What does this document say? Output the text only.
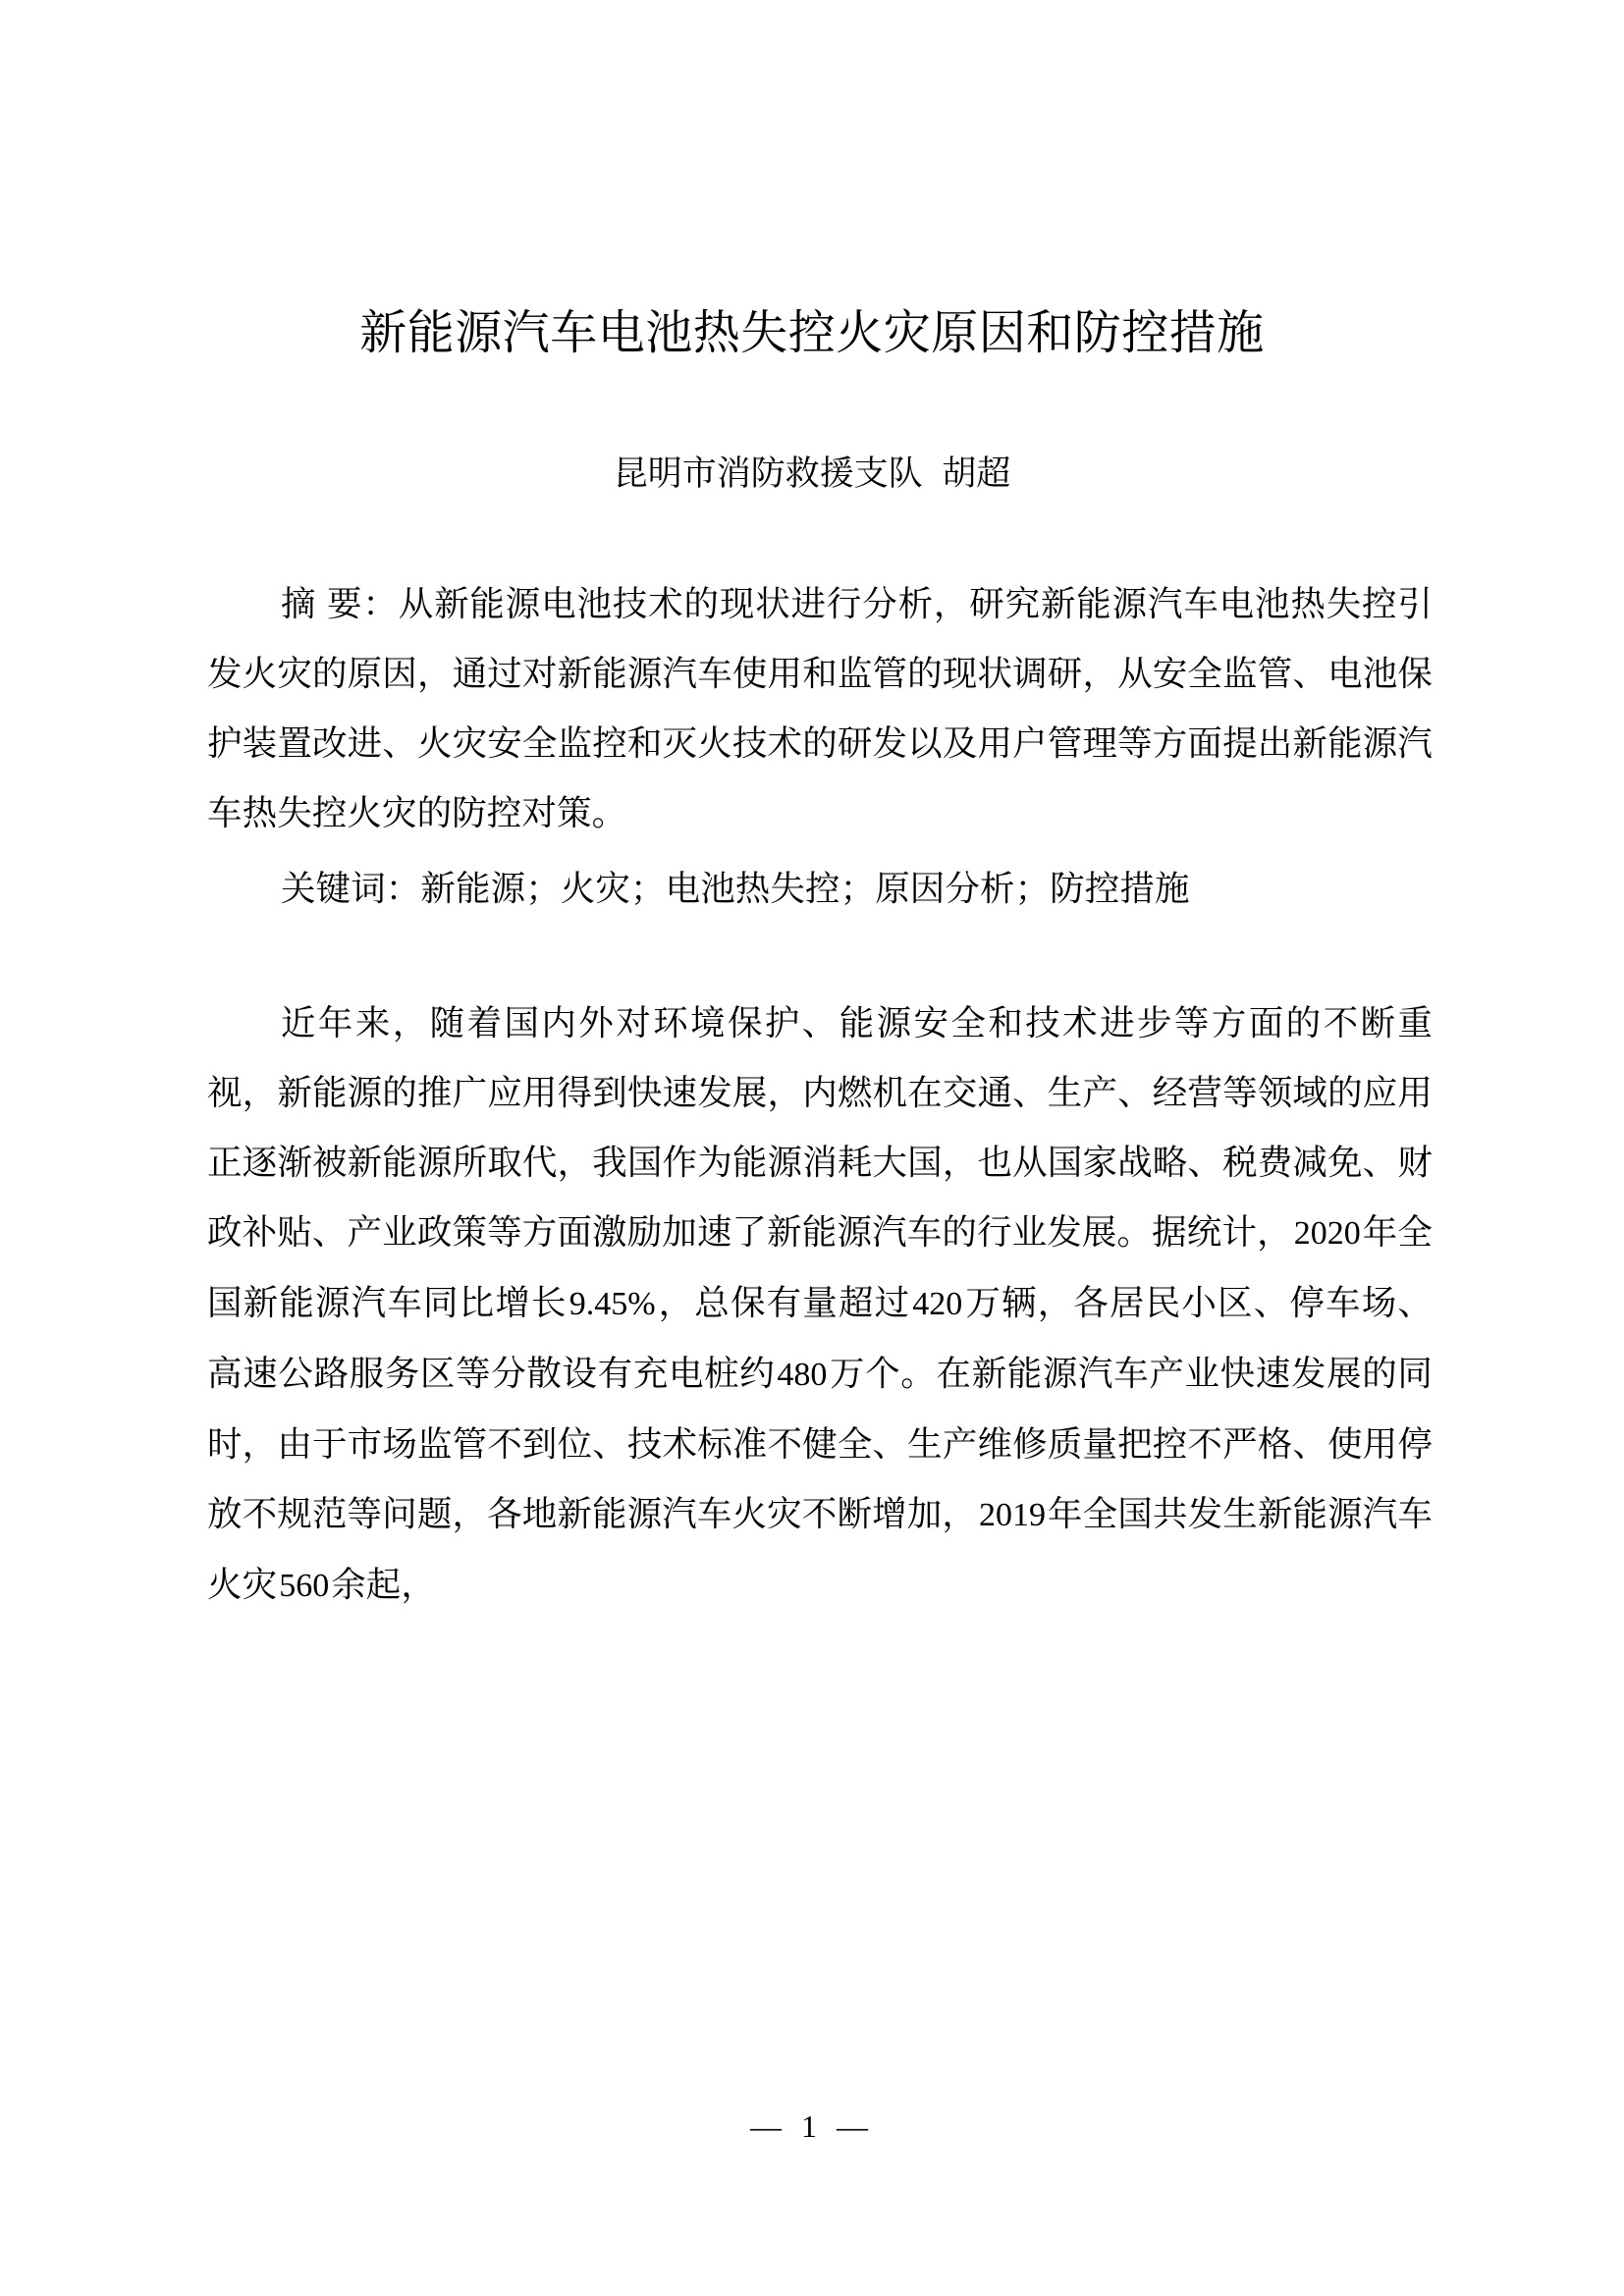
新能源汽车电池热失控火灾原因和防控措施
昆明市消防救援支队  胡超

摘 要：从新能源电池技术的现状进行分析，研究新能源汽车电池热失控引发火灾的原因，通过对新能源汽车使用和监管的现状调研，从安全监管、电池保护装置改进、火灾安全监控和灭火技术的研发以及用户管理等方面提出新能源汽车热失控火灾的防控对策。

关键词：新能源；火灾；电池热失控；原因分析；防控措施

近年来，随着国内外对环境保护、能源安全和技术进步等方面的不断重视，新能源的推广应用得到快速发展，内燃机在交通、生产、经营等领域的应用正逐渐被新能源所取代，我国作为能源消耗大国，也从国家战略、税费减免、财政补贴、产业政策等方面激励加速了新能源汽车的行业发展。据统计，2020年全国新能源汽车同比增长9.45%，总保有量超过420万辆，各居民小区、停车场、高速公路服务区等分散设有充电桩约480万个。在新能源汽车产业快速发展的同时，由于市场监管不到位、技术标准不健全、生产维修质量把控不严格、使用停放不规范等问题，各地新能源汽车火灾不断增加，2019年全国共发生新能源汽车火灾560余起，

— 1 —
